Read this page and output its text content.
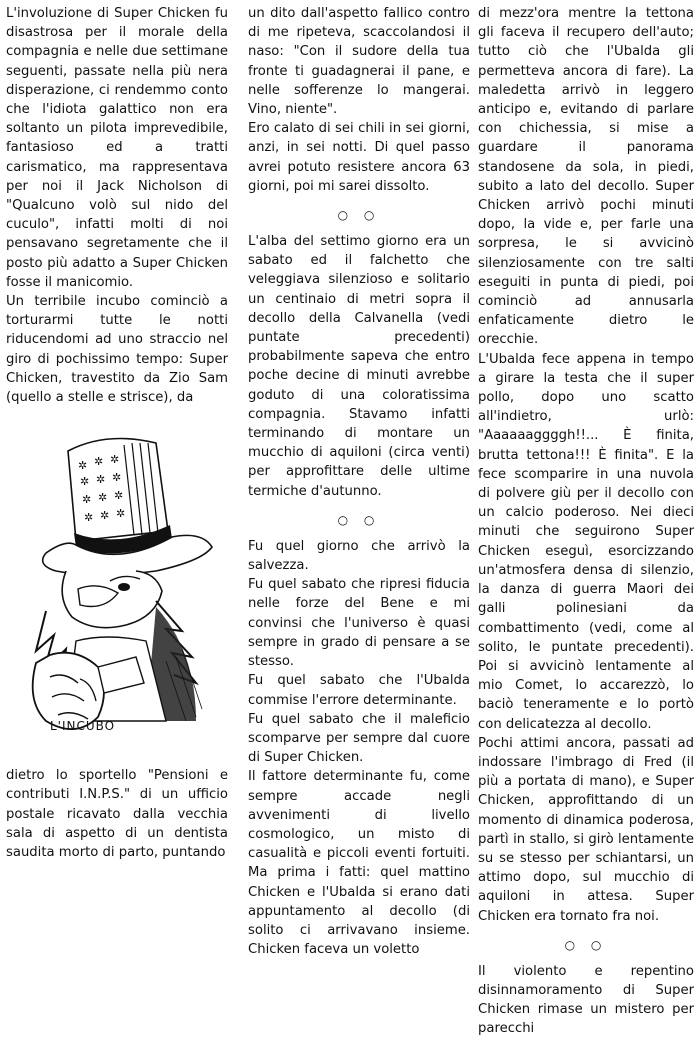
L'involuzione di Super Chicken fu disastrosa per il morale della compagnia e nelle due settimane seguenti, passate nella più nera disperazione, ci rendemmo conto che l'idiota galattico non era soltanto un pilota imprevedibile, fantasioso ed a tratti carismatico, ma rappresentava per noi il Jack Nicholson di "Qualcuno volò sul nido del cuculo", infatti molti di noi pensavano segretamente che il posto più adatto a Super Chicken fosse il manicomio.

Un terribile incubo cominciò a torturarmi tutte le notti riducendomi ad uno straccio nel giro di pochissimo tempo: Super Chicken, travestito da Zio Sam (quello a stelle e strisce), da

✲ ✲ ✲
✲ ✲ ✲
✲ ✲ ✲
✲ ✲ ✲
L'INCUBO

dietro lo sportello "Pensioni e contributi I.N.P.S." di un ufficio postale ricavato dalla vecchia sala di aspetto di un dentista saudita morto di parto, puntando

un dito dall'aspetto fallico contro di me ripeteva, scaccolandosi il naso: "Con il sudore della tua fronte ti guadagnerai il pane, e nelle sofferenze lo mangerai. Vino, niente".

Ero calato di sei chili in sei giorni, anzi, in sei notti. Di quel passo avrei potuto resistere ancora 63 giorni, poi mi sarei dissolto.

○ ○

L'alba del settimo giorno era un sabato ed il falchetto che veleggiava silenzioso e solitario un centinaio di metri sopra il decollo della Calvanella (vedi puntate precedenti) probabilmente sapeva che entro poche decine di minuti avrebbe goduto di una coloratissima compagnia. Stavamo infatti terminando di montare un mucchio di aquiloni (circa venti) per approfittare delle ultime termiche d'autunno.

○ ○

Fu quel giorno che arrivò la salvezza.

Fu quel sabato che ripresi fiducia nelle forze del Bene e mi convinsi che l'universo è quasi sempre in grado di pensare a se stesso.

Fu quel sabato che l'Ubalda commise l'errore determinante.

Fu quel sabato che il maleficio scomparve per sempre dal cuore di Super Chicken.

Il fattore determinante fu, come sempre accade negli avvenimenti di livello cosmologico, un misto di casualità e piccoli eventi fortuiti. Ma prima i fatti: quel mattino Chicken e l'Ubalda si erano dati appuntamento al decollo (di solito ci arrivavano insieme. Chicken faceva un voletto

di mezz'ora mentre la tettona gli faceva il recupero dell'auto; tutto ciò che l'Ubalda gli permetteva ancora di fare). La maledetta arrivò in leggero anticipo e, evitando di parlare con chichessia, si mise a guardare il panorama standosene da sola, in piedi, subito a lato del decollo. Super Chicken arrivò pochi minuti dopo, la vide e, per farle una sorpresa, le si avvicinò silenziosamente con tre salti eseguiti in punta di piedi, poi cominciò ad annusarla enfaticamente dietro le orecchie.

L'Ubalda fece appena in tempo a girare la testa che il super pollo, dopo uno scatto all'indietro, urlò: "Aaaaaaggggh!!... È finita, brutta tettona!!! È finita". E la fece scomparire in una nuvola di polvere giù per il decollo con un calcio poderoso. Nei dieci minuti che seguirono Super Chicken eseguì, esorcizzando un'atmosfera densa di silenzio, la danza di guerra Maori dei galli polinesiani da combattimento (vedi, come al solito, le puntate precedenti). Poi si avvicinò lentamente al mio Comet, lo accarezzò, lo baciò teneramente e lo portò con delicatezza al decollo.

Pochi attimi ancora, passati ad indossare l'imbrago di Fred (il più a portata di mano), e Super Chicken, approfittando di un momento di dinamica poderosa, partì in stallo, si girò lentamente su se stesso per schiantarsi, un attimo dopo, sul mucchio di aquiloni in attesa. Super Chicken era tornato fra noi.

○ ○

Il violento e repentino disinnamoramento di Super Chicken rimase un mistero per parecchi
